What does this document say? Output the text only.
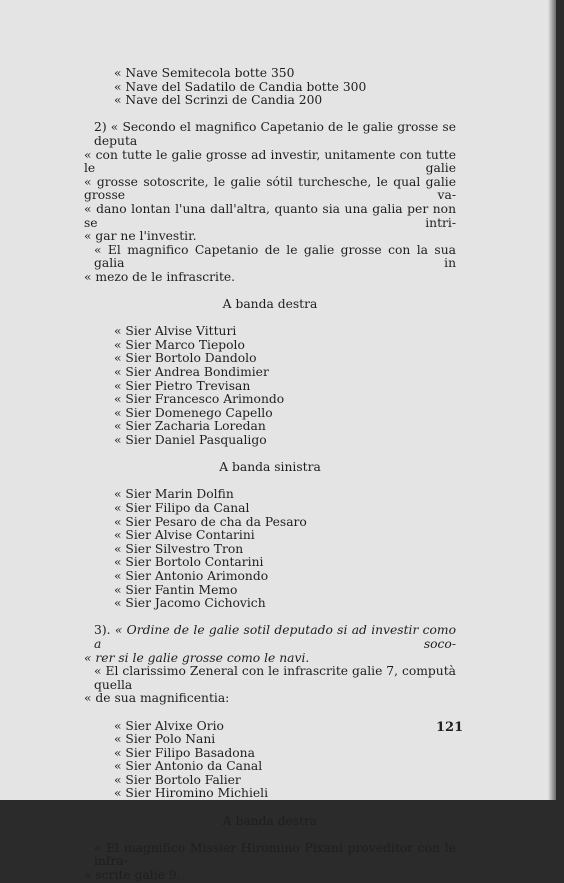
« Nave Semitecola botte 350
« Nave del Sadatilo de Candia botte 300
« Nave del Scrinzi de Candia 200
2) « Secondo el magnifico Capetanio de le galie grosse se deputa
« con tutte le galie grosse ad investir, unitamente con tutte le galie
« grosse sotoscrite, le galie sótil turchesche, le qual galie grosse va-
« dano lontan l'una dall'altra, quanto sia una galia per non se intri-
« gar ne l'investir.
« El magnifico Capetanio de le galie grosse con la sua galia in
« mezo de le infrascrite.
A banda destra
« Sier Alvise Vitturi
« Sier Marco Tiepolo
« Sier Bortolo Dandolo
« Sier Andrea Bondimier
« Sier Pietro Trevisan
« Sier Francesco Arimondo
« Sier Domenego Capello
« Sier Zacharia Loredan
« Sier Daniel Pasqualigo
A banda sinistra
« Sier Marin Dolfin
« Sier Filipo da Canal
« Sier Pesaro de cha da Pesaro
« Sier Alvise Contarini
« Sier Silvestro Tron
« Sier Bortolo Contarini
« Sier Antonio Arimondo
« Sier Fantin Memo
« Sier Jacomo Cichovich
3). « Ordine de le galie sotil deputado si ad investir como a soco-
« rer si le galie grosse como le navi.
« El clarissimo Zeneral con le infrascrite galie 7, computà quella
« de sua magnificentia:
« Sier Alvixe Orio
« Sier Polo Nani
« Sier Filipo Basadona
« Sier Antonio da Canal
« Sier Bortolo Falier
« Sier Hiromino Michieli
A banda destra
« El magnifico Missier Hiromino Pixani proveditor con le infra-
« scrite galie 9.
121
